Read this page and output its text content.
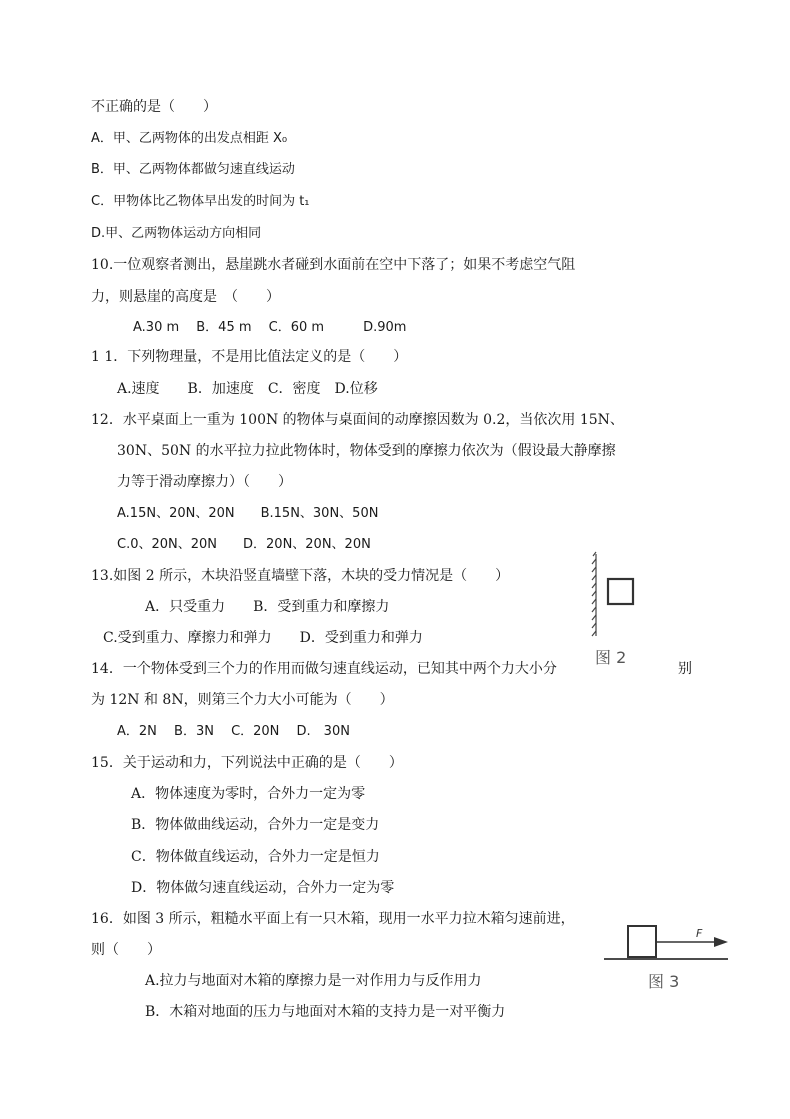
不正确的是（　　）
A．甲、乙两物体的出发点相距 X₀
B．甲、乙两物体都做匀速直线运动
C．甲物体比乙物体早出发的时间为 t₁
D.甲、乙两物体运动方向相同
10.一位观察者测出，悬崖跳水者碰到水面前在空中下落了；如果不考虑空气阻
力，则悬崖的高度是　（　　）
A.30 m　 B．45 m　 C．60 m　　　D.90m
1 1．下列物理量，不是用比值法定义的是（　　）
A.速度　　B．加速度　C．密度　D.位移
12．水平桌面上一重为 100N 的物体与桌面间的动摩擦因数为 0.2，当依次用 15N、
30N、50N 的水平拉力拉此物体时，物体受到的摩擦力依次为（假设最大静摩擦
力等于滑动摩擦力）（　　）
A.15N、20N、20N　　B.15N、30N、50N
C.0、20N、20N　　D．20N、20N、20N
13.如图 2 所示，木块沿竖直墙壁下落，木块的受力情况是（　　）
A．只受重力　　B．受到重力和摩擦力
C.受到重力、摩擦力和弹力　　D．受到重力和弹力
图 2
14．一个物体受到三个力的作用而做匀速直线运动，已知其中两个力大小分	别
为 12N 和 8N，则第三个力大小可能为（　　）
A．2N　 B．3N　 C．20N　 D.　30N
15．关于运动和力，下列说法中正确的是（　　）
A．物体速度为零时，合外力一定为零
B．物体做曲线运动，合外力一定是变力
C．物体做直线运动，合外力一定是恒力
D．物体做匀速直线运动，合外力一定为零
16．如图 3 所示，粗糙水平面上有一只木箱，现用一水平力拉木箱匀速前进，
则（　　）
A.拉力与地面对木箱的摩擦力是一对作用力与反作用力
B．木箱对地面的压力与地面对木箱的支持力是一对平衡力
F
图 3
